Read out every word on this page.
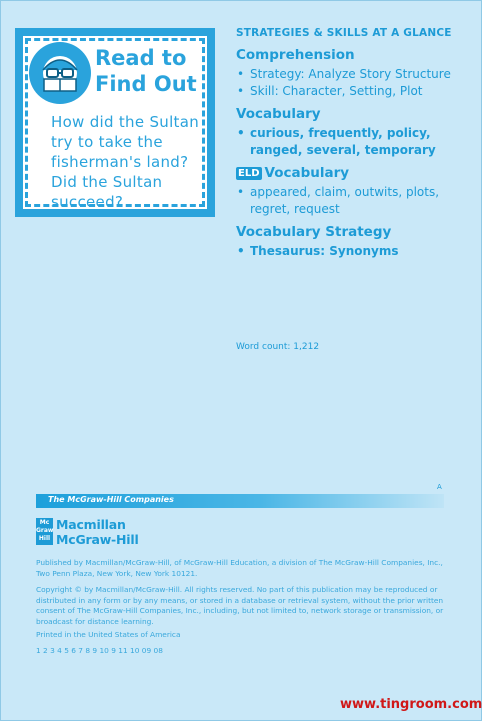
Read to
Find Out
How did the Sultan try to take the fisherman's land? Did the Sultan succeed?
STRATEGIES & SKILLS AT A GLANCE
Comprehension
• Strategy: Analyze Story Structure
• Skill: Character, Setting, Plot
Vocabulary
• curious, frequently, policy, ranged, several, temporary
ELD Vocabulary
• appeared, claim, outwits, plots, regret, request
Vocabulary Strategy
• Thesaurus: Synonyms
Word count: 1,212
A
The McGraw-Hill Companies
Mc Graw Hill
Macmillan
McGraw-Hill
Published by Macmillan/McGraw-Hill, of McGraw-Hill Education, a division of The McGraw-Hill Companies, Inc., Two Penn Plaza, New York, New York 10121.
Copyright © by Macmillan/McGraw-Hill. All rights reserved. No part of this publication may be reproduced or distributed in any form or by any means, or stored in a database or retrieval system, without the prior written consent of The McGraw-Hill Companies, Inc., including, but not limited to, network storage or transmission, or broadcast for distance learning.
Printed in the United States of America
1 2 3 4 5 6 7 8 9 10 9 11 10 09 08
www.tingroom.com
